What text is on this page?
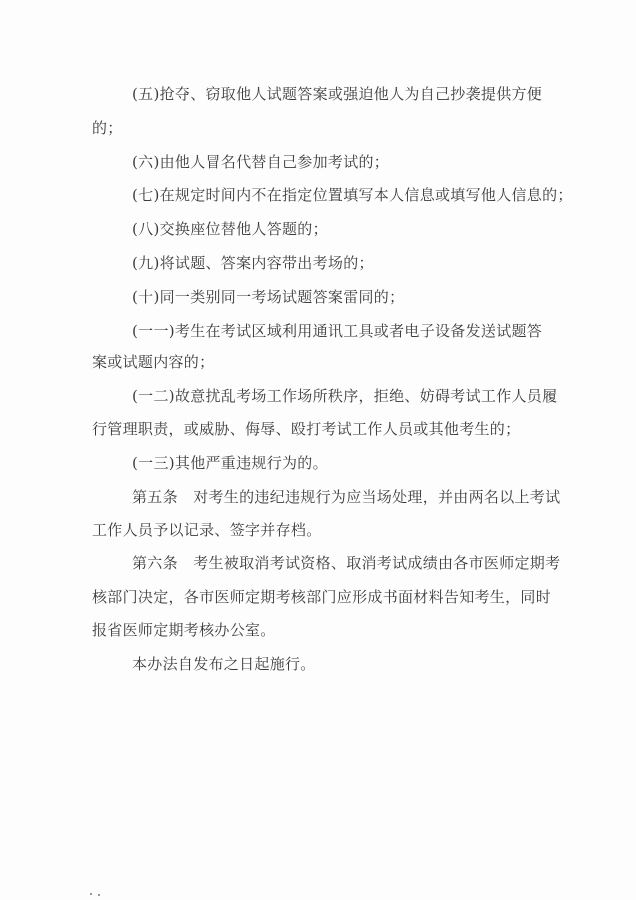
(五)抢夺、窃取他人试题答案或强迫他人为自己抄袭提供方便
的；
(六)由他人冒名代替自己参加考试的；
(七)在规定时间内不在指定位置填写本人信息或填写他人信息的；
(八)交换座位替他人答题的；
(九)将试题、答案内容带出考场的；
(十)同一类别同一考场试题答案雷同的；
(一一)考生在考试区域利用通讯工具或者电子设备发送试题答
案或试题内容的；
(一二)故意扰乱考场工作场所秩序，拒绝、妨碍考试工作人员履
行管理职责，或威胁、侮辱、殴打考试工作人员或其他考生的；
(一三)其他严重违规行为的。
第五条　对考生的违纪违规行为应当场处理，并由两名以上考试
工作人员予以记录、签字并存档。
第六条　考生被取消考试资格、取消考试成绩由各市医师定期考
核部门决定，各市医师定期考核部门应形成书面材料告知考生，同时
报省医师定期考核办公室。
本办法自发布之日起施行。
